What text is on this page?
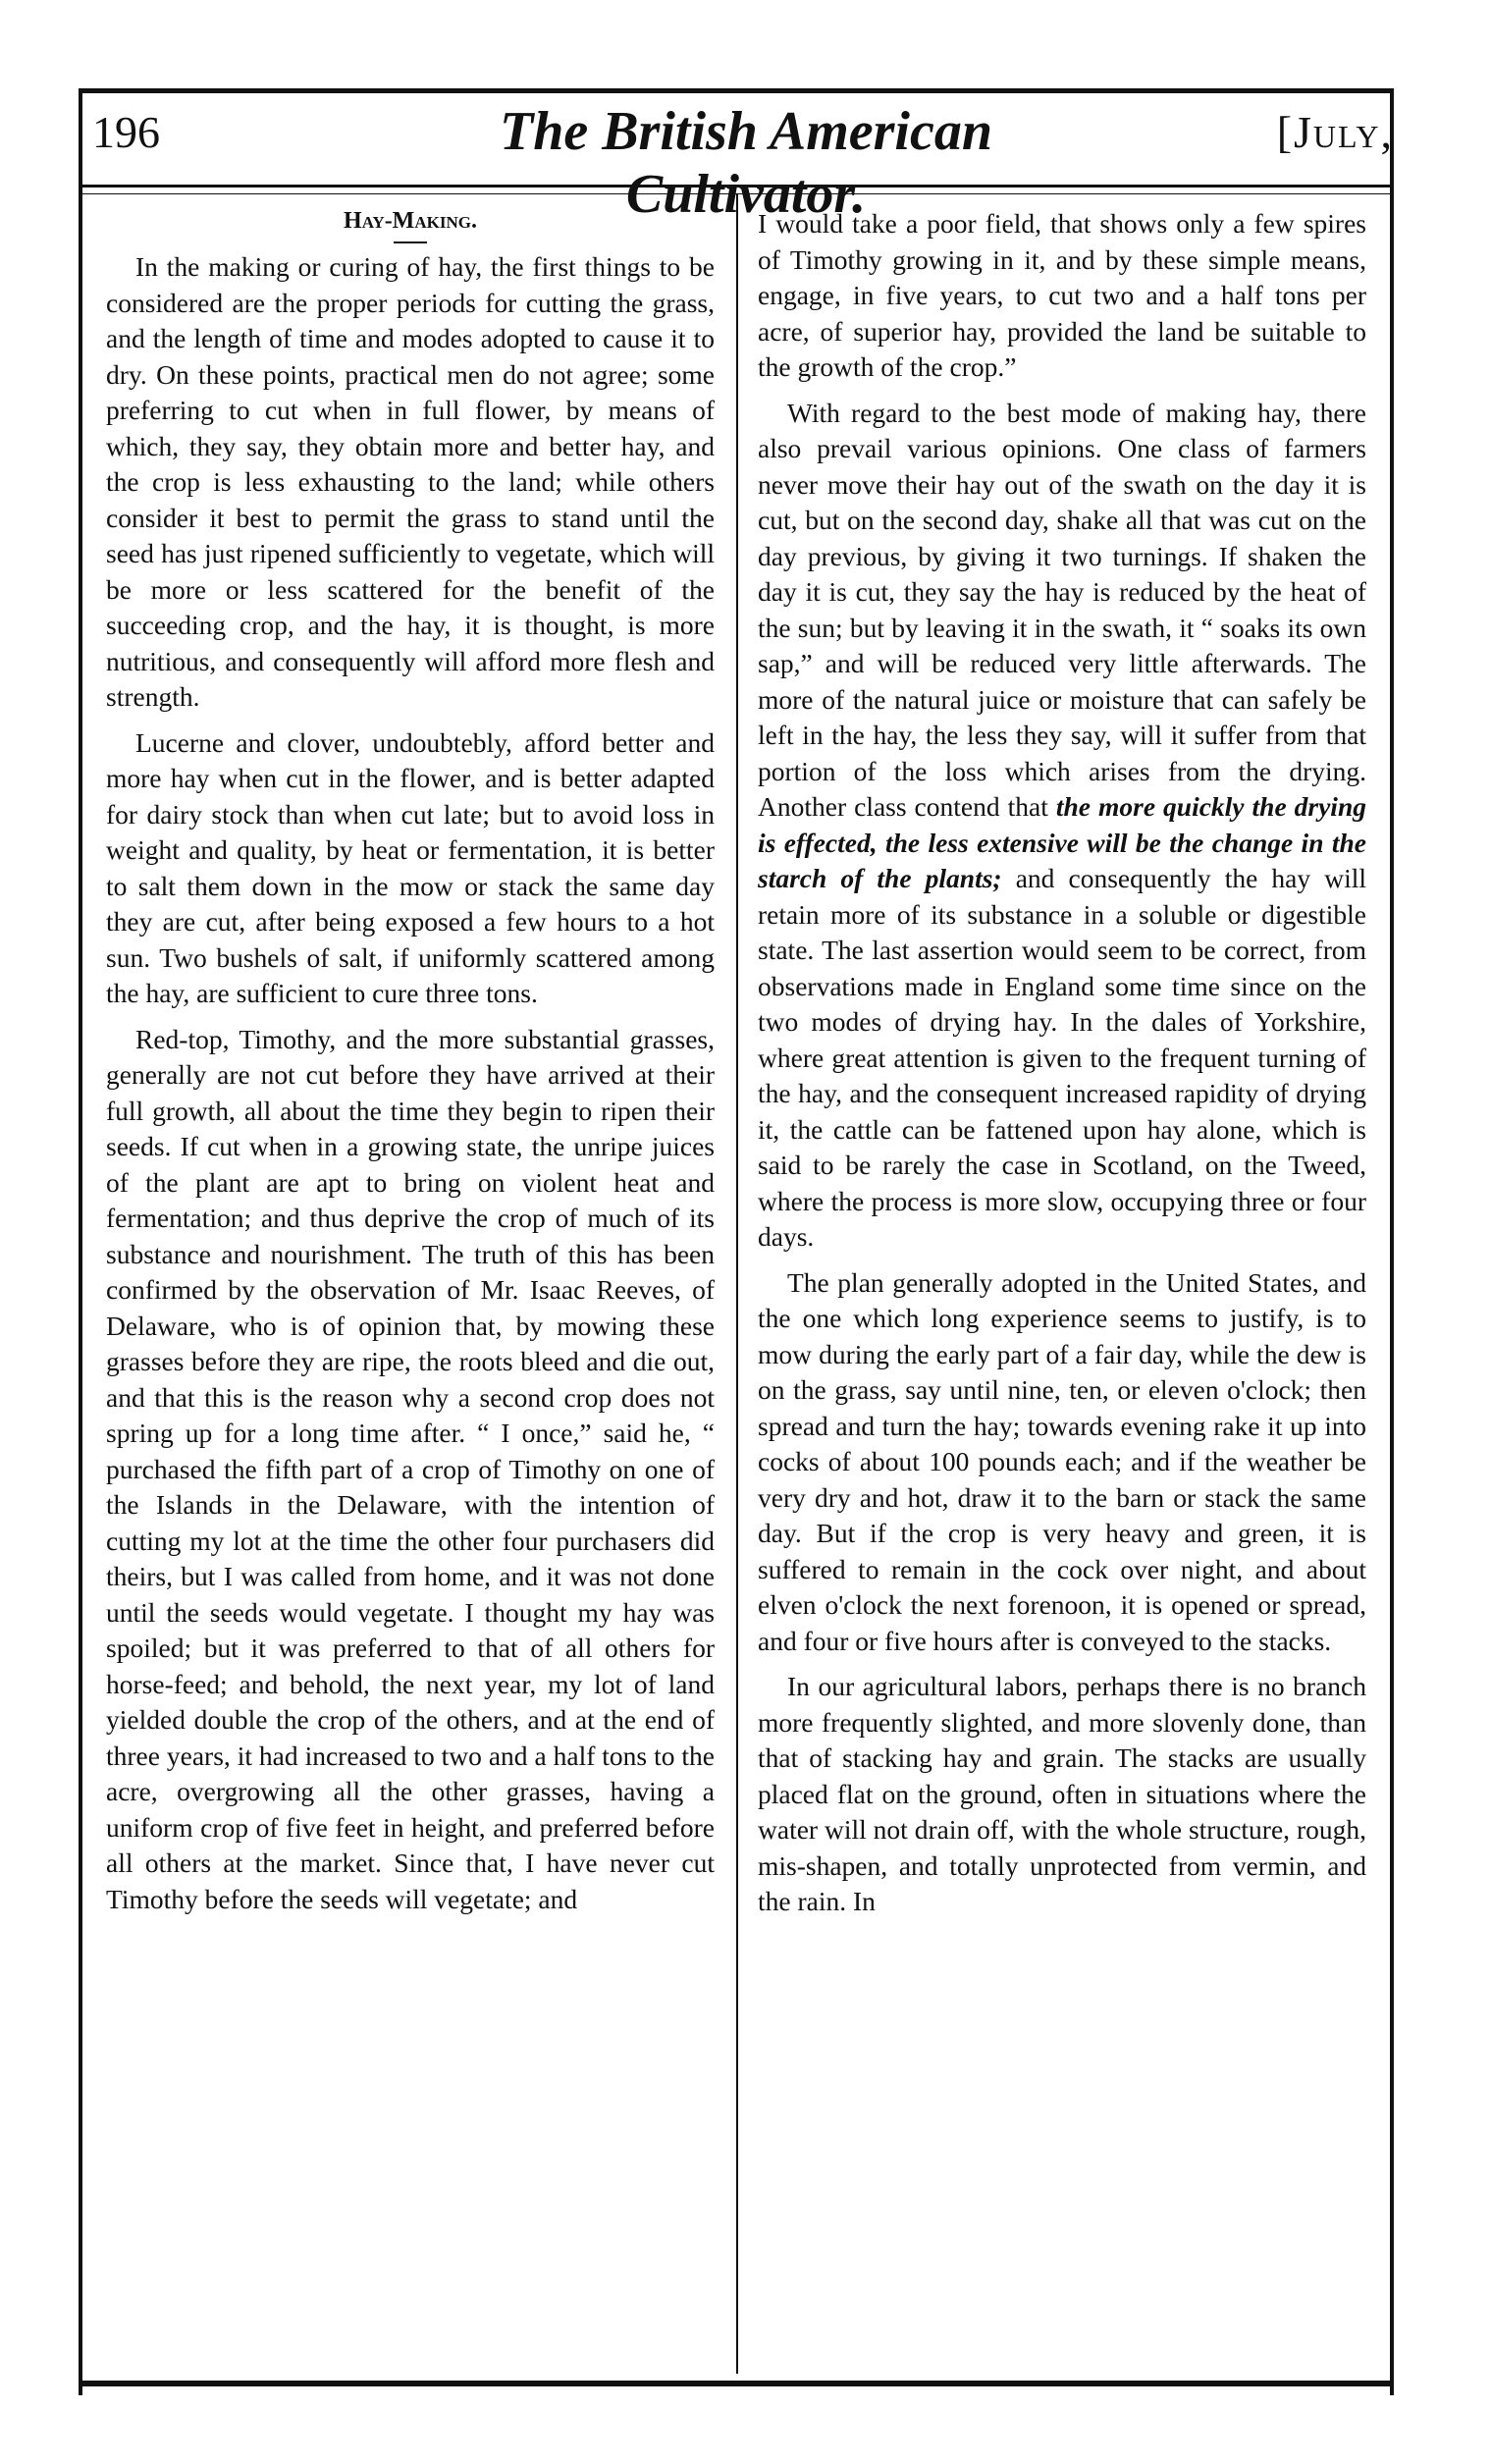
196	The British American Cultivator.
[July,
Hay-Making.

In the making or curing of hay, the first things to be considered are the proper periods for cutting the grass, and the length of time and modes adopted to cause it to dry. On these points, practical men do not agree; some preferring to cut when in full flower, by means of which, they say, they obtain more and better hay, and the crop is less exhausting to the land; while others consider it best to permit the grass to stand until the seed has just ripened sufficiently to vegetate, which will be more or less scattered for the benefit of the succeeding crop, and the hay, it is thought, is more nutritious, and consequently will afford more flesh and strength.

Lucerne and clover, undoubtebly, afford better and more hay when cut in the flower, and is better adapted for dairy stock than when cut late; but to avoid loss in weight and quality, by heat or fermentation, it is better to salt them down in the mow or stack the same day they are cut, after being exposed a few hours to a hot sun. Two bushels of salt, if uniformly scattered among the hay, are sufficient to cure three tons.

Red-top, Timothy, and the more substantial grasses, generally are not cut before they have arrived at their full growth, all about the time they begin to ripen their seeds. If cut when in a growing state, the unripe juices of the plant are apt to bring on violent heat and fermentation; and thus deprive the crop of much of its substance and nourishment. The truth of this has been confirmed by the observation of Mr. Isaac Reeves, of Delaware, who is of opinion that, by mowing these grasses before they are ripe, the roots bleed and die out, and that this is the reason why a second crop does not spring up for a long time after. “ I once,” said he, “ purchased the fifth part of a crop of Timothy on one of the Islands in the Delaware, with the intention of cutting my lot at the time the other four purchasers did theirs, but I was called from home, and it was not done until the seeds would vegetate. I thought my hay was spoiled; but it was preferred to that of all others for horse-feed; and behold, the next year, my lot of land yielded double the crop of the others, and at the end of three years, it had increased to two and a half tons to the acre, overgrowing all the other grasses, having a uniform crop of five feet in height, and preferred before all others at the market. Since that, I have never cut Timothy before the seeds will vegetate; and

I would take a poor field, that shows only a few spires of Timothy growing in it, and by these simple means, engage, in five years, to cut two and a half tons per acre, of superior hay, provided the land be suitable to the growth of the crop.”

With regard to the best mode of making hay, there also prevail various opinions. One class of farmers never move their hay out of the swath on the day it is cut, but on the second day, shake all that was cut on the day previous, by giving it two turnings. If shaken the day it is cut, they say the hay is reduced by the heat of the sun; but by leaving it in the swath, it “ soaks its own sap,” and will be reduced very little afterwards. The more of the natural juice or moisture that can safely be left in the hay, the less they say, will it suffer from that portion of the loss which arises from the drying. Another class contend that the more quickly the drying is effected, the less extensive will be the change in the starch of the plants; and consequently the hay will retain more of its substance in a soluble or digestible state. The last assertion would seem to be correct, from observations made in England some time since on the two modes of drying hay. In the dales of Yorkshire, where great attention is given to the frequent turning of the hay, and the consequent increased rapidity of drying it, the cattle can be fattened upon hay alone, which is said to be rarely the case in Scotland, on the Tweed, where the process is more slow, occupying three or four days.

The plan generally adopted in the United States, and the one which long experience seems to justify, is to mow during the early part of a fair day, while the dew is on the grass, say until nine, ten, or eleven o'clock; then spread and turn the hay; towards evening rake it up into cocks of about 100 pounds each; and if the weather be very dry and hot, draw it to the barn or stack the same day. But if the crop is very heavy and green, it is suffered to remain in the cock over night, and about elven o'clock the next forenoon, it is opened or spread, and four or five hours after is conveyed to the stacks.

In our agricultural labors, perhaps there is no branch more frequently slighted, and more slovenly done, than that of stacking hay and grain. The stacks are usually placed flat on the ground, often in situations where the water will not drain off, with the whole structure, rough, mis-shapen, and totally unprotected from vermin, and the rain. In
